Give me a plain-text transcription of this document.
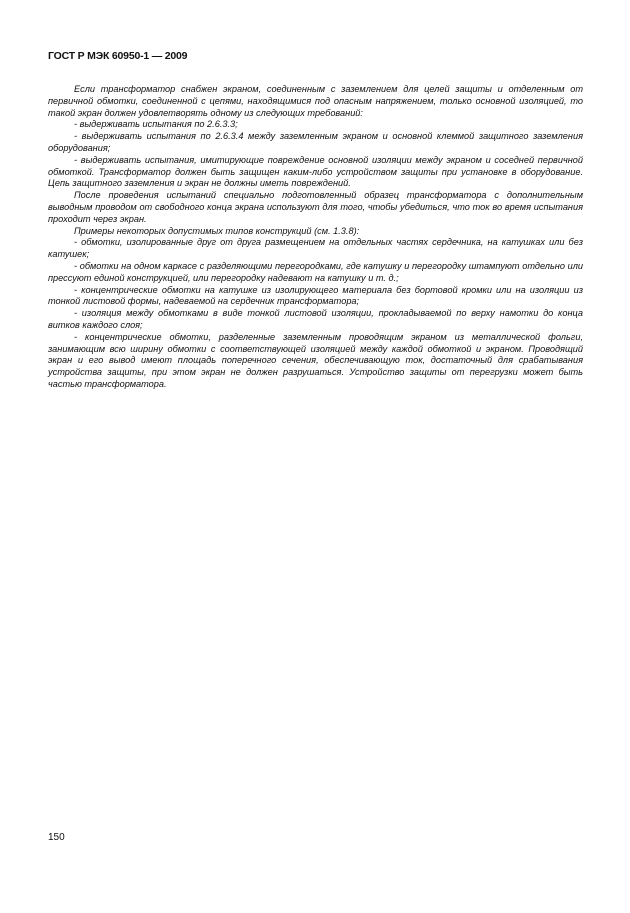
ГОСТ Р МЭК 60950-1 — 2009

Если трансформатор снабжен экраном, соединенным с заземлением для целей защиты и отделенным от первичной обмотки, соединенной с цепями, находящимися под опасным напряжением, только основной изоляцией, то такой экран должен удовлетворять одному из следующих требований:

- выдерживать испытания по 2.6.3.3;

- выдерживать испытания по 2.6.3.4 между заземленным экраном и основной клеммой защитного заземления оборудования;

- выдерживать испытания, имитирующие повреждение основной изоляции между экраном и соседней первичной обмоткой. Трансформатор должен быть защищен каким-либо устройством защиты при установке в оборудование. Цепь защитного заземления и экран не должны иметь повреждений.

После проведения испытаний специально подготовленный образец трансформатора с дополнительным выводным проводом от свободного конца экрана используют для того, чтобы убедиться, что ток во время испытания проходит через экран.

Примеры некоторых допустимых типов конструкций (см. 1.3.8):

- обмотки, изолированные друг от друга размещением на отдельных частях сердечника, на катушках или без катушек;

- обмотки на одном каркасе с разделяющими перегородками, где катушку и перегородку штампуют отдельно или прессуют единой конструкцией, или перегородку надевают на катушку и т. д.;

- концентрические обмотки на катушке из изолирующего материала без бортовой кромки или на изоляции из тонкой листовой формы, надеваемой на сердечник трансформатора;

- изоляция между обмотками в виде тонкой листовой изоляции, прокладываемой по верху намотки до конца витков каждого слоя;

- концентрические обмотки, разделенные заземленным проводящим экраном из металлической фольги, занимающим всю ширину обмотки с соответствующей изоляцией между каждой обмоткой и экраном. Проводящий экран и его вывод имеют площадь поперечного сечения, обеспечивающую ток, достаточный для срабатывания устройства защиты, при этом экран не должен разрушаться. Устройство защиты от перегрузки может быть частью трансформатора.

150
